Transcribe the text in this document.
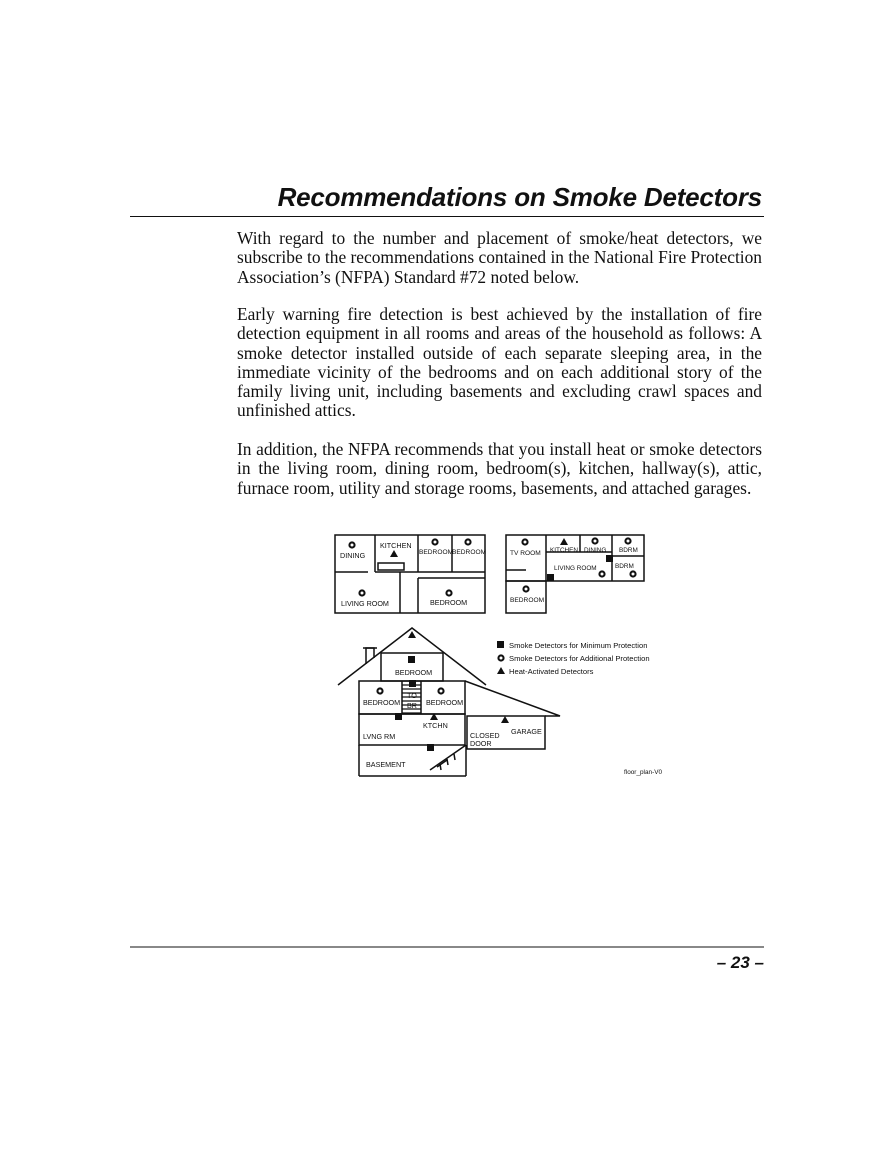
Recommendations on Smoke Detectors

With regard to the number and placement of smoke/heat detectors, we subscribe to the recommendations contained in the National Fire Protection Association’s (NFPA) Standard #72 noted below.

Early warning fire detection is best achieved by the installation of fire detection equipment in all rooms and areas of the household as follows: A smoke detector installed outside of each separate sleeping area, in the immediate vicinity of the bedrooms and on each additional story of the family living unit, including basements and excluding crawl spaces and unfinished attics.

In addition, the NFPA recommends that you install heat or smoke detectors in the living room, dining room, bedroom(s), kitchen, hallway(s), attic, furnace room, utility and storage rooms, basements, and attached garages.

DINING
KITCHEN
BEDROOM
BEDROOM
LIVING ROOM	BEDROOM
TV ROOM KITCHEN DINING BDRM
LIVING ROOM	BDRM
BEDROOM
BEDROOM
BEDROOM
TO
BR BEDROOM
KTCHN
LVNG RM	CLOSED
DOOR
GARAGE
BASEMENT
Smoke Detectors for Minimum Protection
Smoke Detectors for Additional Protection
Heat-Activated Detectors
floor_plan-V0
– 23 –
